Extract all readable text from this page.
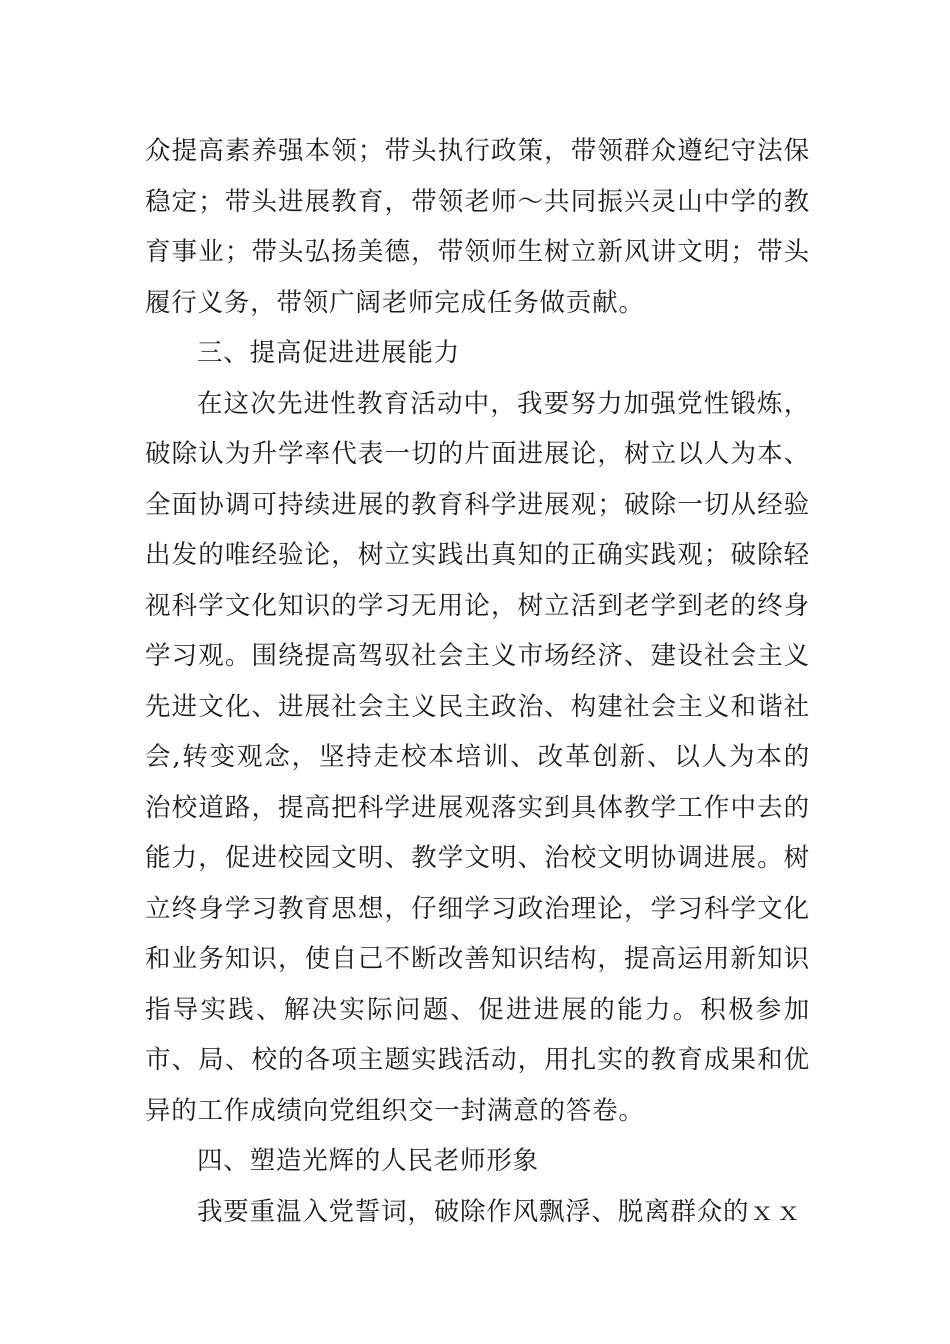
众提高素养强本领；带头执行政策，带领群众遵纪守法保稳定；带头进展教育，带领老师～共同振兴灵山中学的教育事业；带头弘扬美德，带领师生树立新风讲文明；带头履行义务，带领广阔老师完成任务做贡献。

三、提高促进进展能力

在这次先进性教育活动中，我要努力加强党性锻炼，破除认为升学率代表一切的片面进展论，树立以人为本、全面协调可持续进展的教育科学进展观；破除一切从经验出发的唯经验论，树立实践出真知的正确实践观；破除轻视科学文化知识的学习无用论，树立活到老学到老的终身学习观。围绕提高驾驭社会主义市场经济、建设社会主义先进文化、进展社会主义民主政治、构建社会主义和谐社会,转变观念，坚持走校本培训、改革创新、以人为本的治校道路，提高把科学进展观落实到具体教学工作中去的能力，促进校园文明、教学文明、治校文明协调进展。树立终身学习教育思想，仔细学习政治理论，学习科学文化和业务知识，使自己不断改善知识结构，提高运用新知识指导实践、解决实际问题、促进进展的能力。积极参加市、局、校的各项主题实践活动，用扎实的教育成果和优异的工作成绩向党组织交一封满意的答卷。

四、塑造光辉的人民老师形象

我要重温入党誓词，破除作风飘浮、脱离群众的ｘｘ
